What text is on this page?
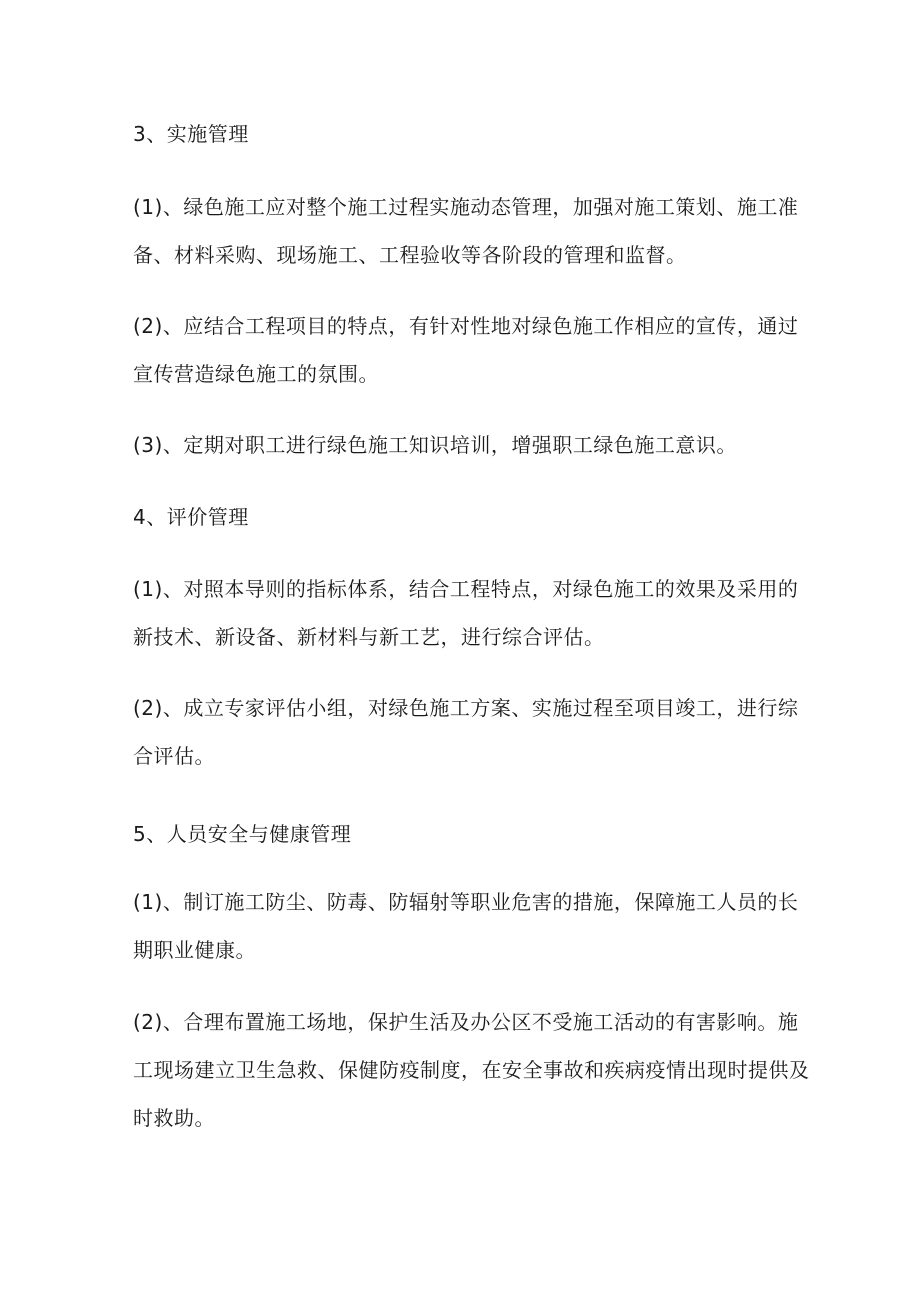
3、实施管理
(1)、绿色施工应对整个施工过程实施动态管理，加强对施工策划、施工准
备、材料采购、现场施工、工程验收等各阶段的管理和监督。
(2)、应结合工程项目的特点，有针对性地对绿色施工作相应的宣传，通过
宣传营造绿色施工的氛围。
(3)、定期对职工进行绿色施工知识培训，增强职工绿色施工意识。
4、评价管理
(1)、对照本导则的指标体系，结合工程特点，对绿色施工的效果及采用的
新技术、新设备、新材料与新工艺，进行综合评估。
(2)、成立专家评估小组，对绿色施工方案、实施过程至项目竣工，进行综
合评估。
5、人员安全与健康管理
(1)、制订施工防尘、防毒、防辐射等职业危害的措施，保障施工人员的长
期职业健康。
(2)、合理布置施工场地，保护生活及办公区不受施工活动的有害影响。施
工现场建立卫生急救、保健防疫制度，在安全事故和疾病疫情出现时提供及
时救助。
